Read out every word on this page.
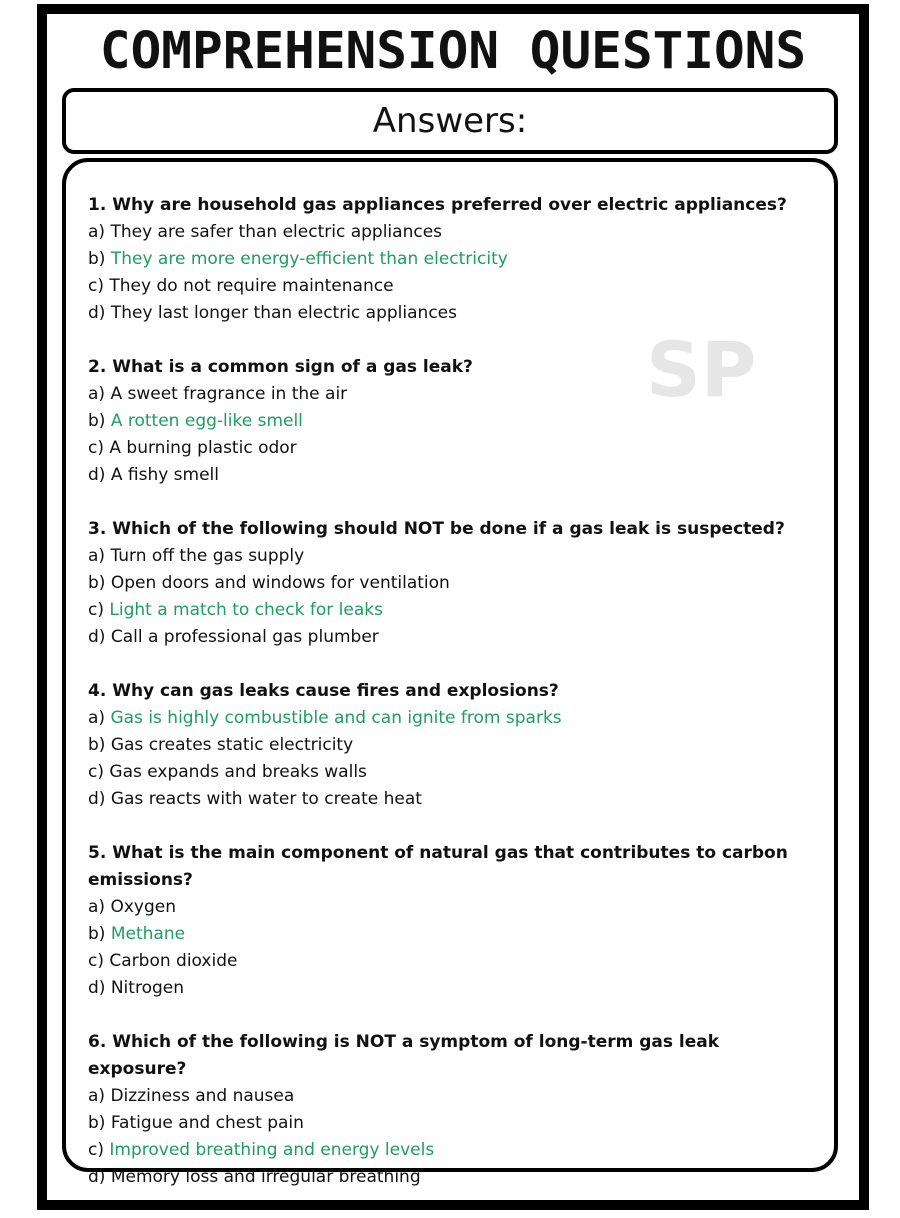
COMPREHENSION QUESTIONS
Answers:
SP
1. Why are household gas appliances preferred over electric appliances?
a) They are safer than electric appliances
b) They are more energy-efficient than electricity
c) They do not require maintenance
d) They last longer than electric appliances
2. What is a common sign of a gas leak?
a) A sweet fragrance in the air
b) A rotten egg-like smell
c) A burning plastic odor
d) A fishy smell
3. Which of the following should NOT be done if a gas leak is suspected?
a) Turn off the gas supply
b) Open doors and windows for ventilation
c) Light a match to check for leaks
d) Call a professional gas plumber
4. Why can gas leaks cause fires and explosions?
a) Gas is highly combustible and can ignite from sparks
b) Gas creates static electricity
c) Gas expands and breaks walls
d) Gas reacts with water to create heat
5. What is the main component of natural gas that contributes to carbon emissions?
a) Oxygen
b) Methane
c) Carbon dioxide
d) Nitrogen
6. Which of the following is NOT a symptom of long-term gas leak exposure?
a) Dizziness and nausea
b) Fatigue and chest pain
c) Improved breathing and energy levels
d) Memory loss and irregular breathing
